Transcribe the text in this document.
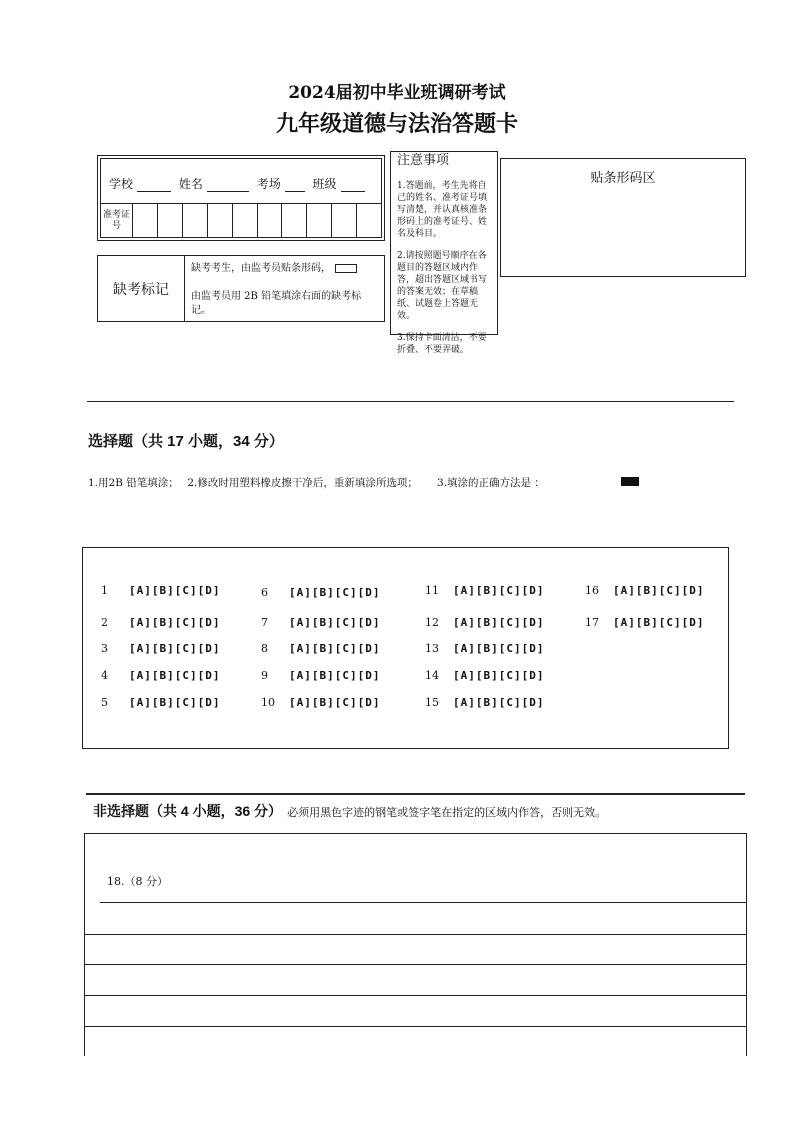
2024届初中毕业班调研考试
九年级道德与法治答题卡
学校	姓名	考场	班级
准考证号
缺考标记
缺考考生，由监考员贴条形码，

由监考员用 2B 铅笔填涂右面的缺考标记。
注意事项

1.答题前，考生先将自己的姓名、准考证号填写清楚，并认真核准条形码上的准考证号、姓名及科目。

2.请按照题号顺序在各题目的答题区域内作答，超出答题区域书写的答案无效；在草稿纸、试题卷上答题无效。

3.保持卡面清洁，不要折叠、不要弄破。

贴条形码区
选择题（共 17 小题，34 分）
1.用2B 铅笔填涂；　 2.修改时用塑料橡皮擦干净后，重新填涂所选项；　　 3.填涂的正确方法是 ：
1 [A][B][C][D]
2 [A][B][C][D]
3 [A][B][C][D]
4 [A][B][C][D]
5 [A][B][C][D]
6 [A][B][C][D]
7 [A][B][C][D]
8 [A][B][C][D]
9 [A][B][C][D]
10 [A][B][C][D]
11 [A][B][C][D]
12 [A][B][C][D]
13 [A][B][C][D]
14 [A][B][C][D]
15 [A][B][C][D]
16 [A][B][C][D]
17 [A][B][C][D]
非选择题（共 4 小题，36 分） 必须用黑色字迹的钢笔或签字笔在指定的区域内作答，否则无效。
18.（8 分）
